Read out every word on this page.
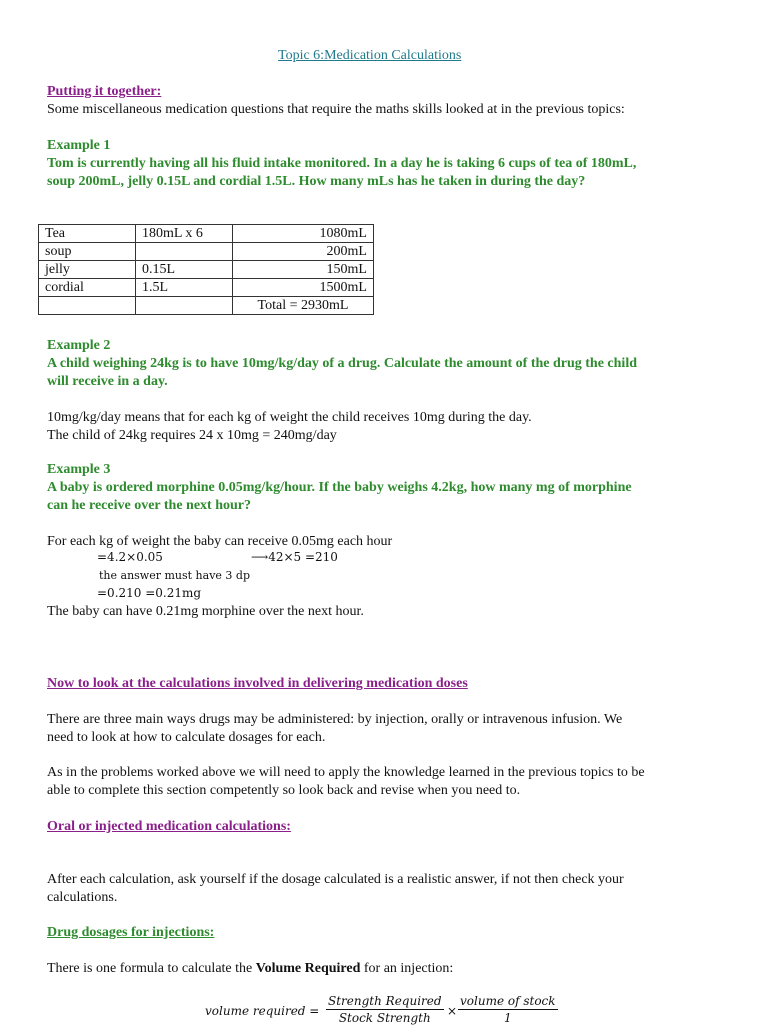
Topic 6:Medication Calculations
Putting it together:
Some miscellaneous medication questions that require the maths skills looked at in the previous topics:
Example 1
Tom is currently having all his fluid intake monitored. In a day he is taking 6 cups of tea of 180mL,
soup 200mL, jelly 0.15L and cordial 1.5L. How many mLs has he taken in during the day?
Tea	180mL x 6	1080mL
soup		200mL
jelly	0.15L	150mL
cordial	1.5L	1500mL
		Total = 2930mL
Example 2
A child weighing 24kg is to have 10mg/kg/day of a drug. Calculate the amount of the drug the child
will receive in a day.
10mg/kg/day means that for each kg of weight the child receives 10mg during the day.
The child of 24kg requires 24 x 10mg = 240mg/day
Example 3
A baby is ordered morphine 0.05mg/kg/hour. If the baby weighs 4.2kg, how many mg of morphine
can he receive over the next hour?
For each kg of weight the baby can receive 0.05mg each hour
=4.2×0.05	⟶42×5 =210
the answer must have 3 dp
=0.210 =0.21mg
The baby can have 0.21mg morphine over the next hour.
Now to look at the calculations involved in delivering medication doses
There are three main ways drugs may be administered: by injection, orally or intravenous infusion. We
need to look at how to calculate dosages for each.
As in the problems worked above we will need to apply the knowledge learned in the previous topics to be
able to complete this section competently so look back and revise when you need to.
Oral or injected medication calculations:
After each calculation, ask yourself if the dosage calculated is a realistic answer, if not then check your
calculations.
Drug dosages for injections:
There is one formula to calculate the Volume Required for an injection:
volume required =
Strength Required
Stock Strength	×
volume of stock
1
